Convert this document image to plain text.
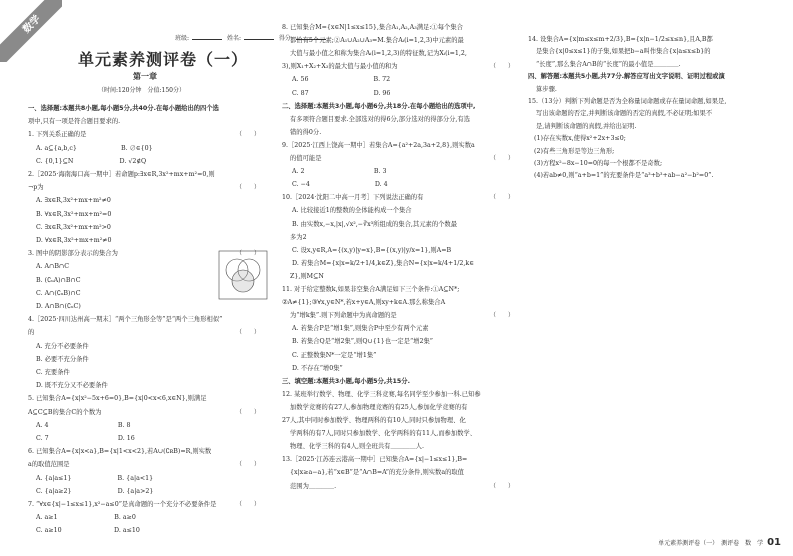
数学
班级:	姓名:	得分:
单元素养测评卷（一）
第一章
（时间:120分钟　分值:150分）
一、选择题:本题共8小题,每小题5分,共40分.在每小题给出的四个选
项中,只有一项是符合题目要求的.
1. 下列关系正确的是	（　　）
A. a⊆{a,b,c}　　　　　　　B. ∅∈{0}
C. {0,1}⊆N　　　　　　　 D. √2∉Q
2.［2025·海南海口高一期中］若命题p:∃x∈R,3x²+mx+m²=0,则
¬p为	（　　）
A. ∃x∈R,3x²+mx+m²≠0
B. ∀x∈R,3x²+mx+m²=0
C. ∃x∈R,3x²+mx+m²>0
D. ∀x∈R,3x²+mx+m²≠0
3. 图中的阴影部分表示的集合为	（　　）
A. A∩B∩C
B. (∁ᵤA)∩B∩C
C. A∩(∁ᵤB)∩C
D. A∩B∩(∁ᵤC)
4.［2025·四川达州高一期末］“两个三角形全等”是“两个三角形相似”
的	（　　）
A. 充分不必要条件
B. 必要不充分条件
C. 充要条件
D. 既不充分又不必要条件
5. 已知集合A={x|x²−5x+6=0},B={x|0<x<6,x∈N},则满足
A⊆C⊆B的集合C的个数为	（　　）
A. 4　　　　　　　　　　　B. 8
C. 7　　　　　　　　　　　D. 16
6. 已知集合A={x|x<a},B={x|1<x<2},若A∪(∁ʀB)=R,则实数
a的取值范围是	（　　）
A. {a|a≤1}　　　　　　　 B. {a|a<1}
C. {a|a≥2}　　　　　　　 D. {a|a>2}
7. “∀x∈{x|−1≤x≤1},x²−a≤0”是真命题的一个充分不必要条件是	（　　）
A. a≥1　　　　　　　　　B. a≥0
C. a≥10　　　　　　　　 D. a≤10
8. 已知集合M={x∈N|1≤x≤15},集合A₁,A₂,A₃满足:①每个集合
都恰有5个元素;②A₁∪A₂∪A₃=M.集合Aᵢ(i=1,2,3)中元素的最
大值与最小值之和称为集合Aᵢ(i=1,2,3)的特征数,记为Xᵢ(i=1,2,
3),则X₁+X₂+X₃的最大值与最小值的和为	（　　）
A. 56　　　　　　　　　　 B. 72
C. 87　　　　　　　　　　 D. 96
二、选择题:本题共3小题,每小题6分,共18分.在每小题给出的选项中,
有多项符合题目要求.全部选对的得6分,部分选对的得部分分,有选
错的得0分.
9.［2025·江西上饶高一期中］若集合A={a²+2a,3a+2,8},则实数a
的值可能是	（　　）
A. 2　　　　　　　　　　　B. 3
C. −4　　　　　　　　　　 D. 4
10.［2024·沈阳二中高一月考］下列说法正确的有	（　　）
A. 比较接近1的整数的全体能构成一个集合
B. 由实数x,−x,|x|,√x²,−∛x³所组成的集合,其元素的个数最
多为2
C. 设x,y∈R,A={(x,y)|y=x},B={(x,y)|y/x=1},则A=B
D. 若集合M={x|x=k/2+1/4,k∈Z},集合N={x|x=k/4+1/2,k∈
Z},则M⊆N
11. 对于给定整数k,如果非空集合A满足如下三个条件:①A⊆N*;
②A≠{1};③∀x,y∈N*,若x+y∈A,则xy+k∈A.那么称集合A
为“增k集”.则下列命题中为真命题的是	（　　）
A. 若集合P是“增1集”,则集合P中至少有两个元素
B. 若集合Q是“增2集”,则Q∪{1}也一定是“增2集”
C. 正整数集N*一定是“增1集”
D. 不存在“增0集”
三、填空题:本题共3小题,每小题5分,共15分.
12. 某班举行数学、物理、化学三科竞赛,每名同学至少参加一科.已知参
加数学竞赛的有27人,参加物理竞赛的有25人,参加化学竞赛的有
27人,其中同时参加数学、物理两科的有10人,同时只参加物理、化
学两科的有7人,同时只参加数学、化学两科的有11人,而参加数学、
物理、化学三科的有4人,则全班共有＿＿＿＿人.
13.［2025·江苏连云港高一期中］已知集合A={x|−1≤x≤1},B=
{x|x≥a−a},若“x∈B”是“A∩B=A”的充分条件,则实数a的取值
范围为＿＿＿＿.	（　　）
14. 设集合A={x|m≤x≤m+2/3},B={x|n−1/2≤x≤n},且A,B都
是集合{x|0≤x≤1}的子集,如果把b−a叫作集合{x|a≤x≤b}的
“长度”,那么集合A∩B的“长度”的最小值是＿＿＿＿.
四、解答题:本题共5小题,共77分.解答应写出文字说明、证明过程或演
算步骤.
15.（13分）判断下列命题是否为全称量词命题或存在量词命题,如果是,
写出该命题的否定,并判断该命题的否定的真假,不必证明;如果不
是,请判断该命题的真假,并给出证明.
(1)存在实数x,使得x²+2x+3≤0;
(2)有些三角形是等边三角形;
(3)方程x²−8x−10=0的每一个根都不是奇数;
(4)若ab≠0,则“a+b=1”的充要条件是“a³+b³+ab−a²−b²=0”.
单元素养测评卷（一）　测评卷　数　学 01
